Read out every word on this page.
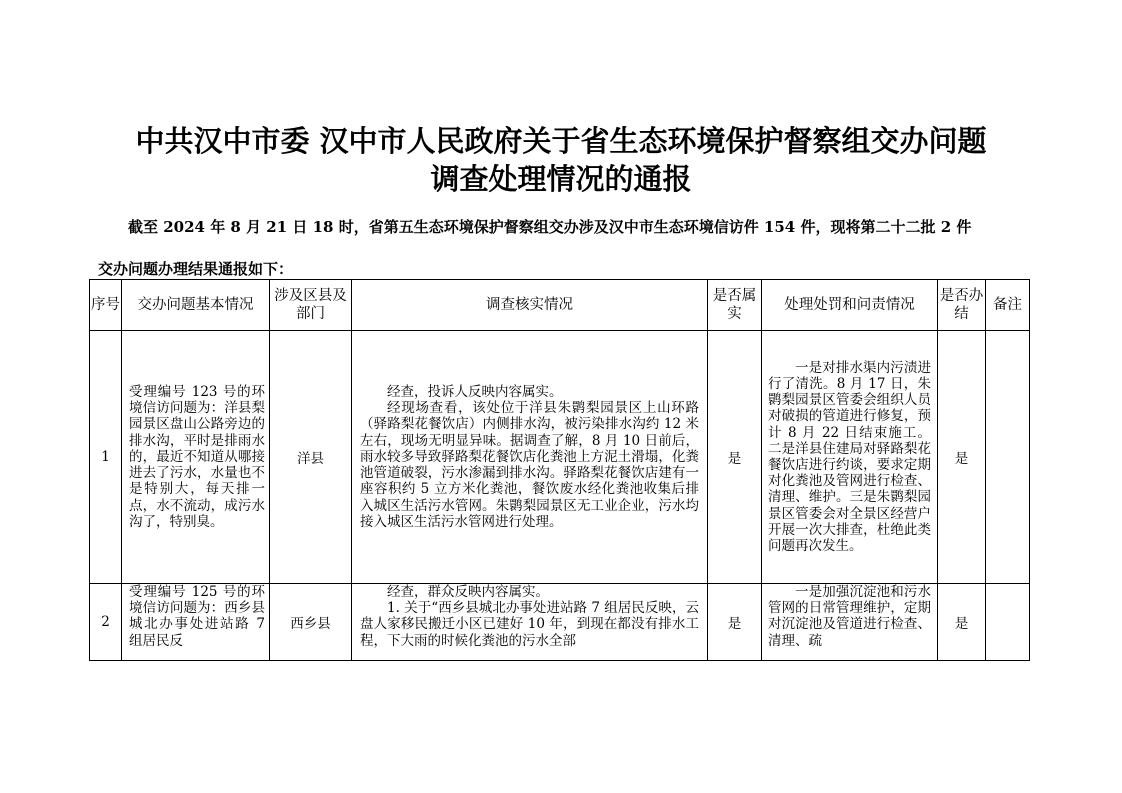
中共汉中市委 汉中市人民政府关于省生态环境保护督察组交办问题
调查处理情况的通报
截至 2024 年 8 月 21 日 18 时，省第五生态环境保护督察组交办涉及汉中市生态环境信访件 154 件，现将第二十二批 2 件
交办问题办理结果通报如下：
序号	交办问题基本情况	涉及区县及部门	调查核实情况	是否属实	处理处罚和问责情况	是否办结	备注
1	受理编号 123 号的环境信访问题为：洋县梨园景区盘山公路旁边的排水沟，平时是排雨水的，最近不知道从哪接进去了污水，水量也不是特别大，每天排一点，水不流动，成污水沟了，特别臭。	洋县	经查，投诉人反映内容属实。
经现场查看，该处位于洋县朱鹮梨园景区上山环路（驿路梨花餐饮店）内侧排水沟，被污染排水沟约 12 米左右，现场无明显异味。据调查了解，8 月 10 日前后，雨水较多导致驿路梨花餐饮店化粪池上方泥土滑塌，化粪池管道破裂，污水渗漏到排水沟。驿路梨花餐饮店建有一座容积约 5 立方米化粪池，餐饮废水经化粪池收集后排入城区生活污水管网。朱鹮梨园景区无工业企业，污水均接入城区生活污水管网进行处理。	是	一是对排水渠内污渍进行了清洗。8 月 17 日，朱鹮梨园景区管委会组织人员对破损的管道进行修复，预计 8 月 22 日结束施工。二是洋县住建局对驿路梨花餐饮店进行约谈，要求定期对化粪池及管网进行检查、清理、维护。三是朱鹮梨园景区管委会对全景区经营户开展一次大排查，杜绝此类问题再次发生。	是	
2	受理编号 125 号的环境信访问题为：西乡县城北办事处进站路 7 组居民反	西乡县	经查，群众反映内容属实。
1. 关于“西乡县城北办事处进站路 7 组居民反映，云盘人家移民搬迁小区已建好 10 年，到现在都没有排水工程，下大雨的时候化粪池的污水全部	是	一是加强沉淀池和污水管网的日常管理维护，定期对沉淀池及管道进行检查、清理、疏	是	
